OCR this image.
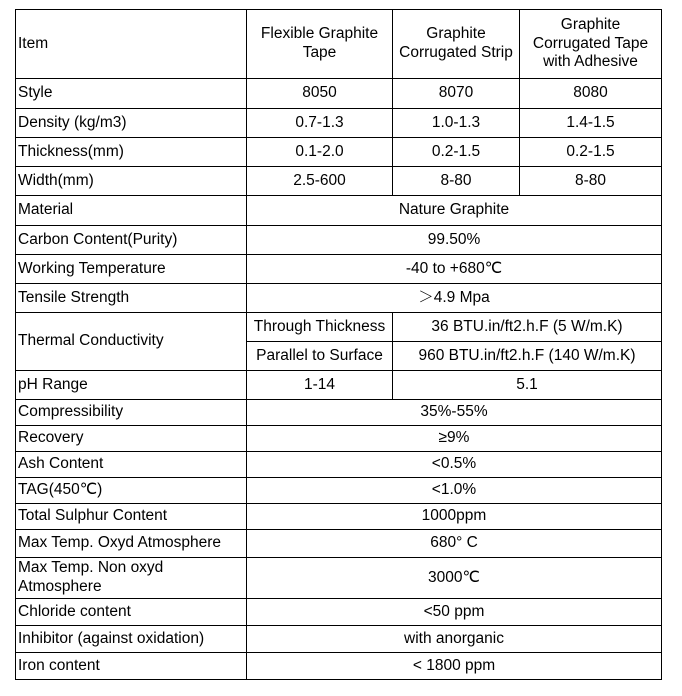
Item	Flexible Graphite Tape	Graphite Corrugated Strip	Graphite Corrugated Tape with Adhesive
Style	8050	8070	8080
Density (kg/m3)	0.7-1.3	1.0-1.3	1.4-1.5
Thickness(mm)	0.1-2.0	0.2-1.5	0.2-1.5
Width(mm)	2.5-600	8-80	8-80
Material	Nature Graphite		
Carbon Content(Purity)	99.50%		
Working Temperature	-40 to +680℃		
Tensile Strength	＞4.9 Mpa		
Thermal Conductivity	Through Thickness	36 BTU.in/ft2.h.F (5 W/m.K)	
	Parallel to Surface	960 BTU.in/ft2.h.F (140 W/m.K)	
pH Range	1-14	5.1	
Compressibility	35%-55%		
Recovery	≥9%		
Ash Content	<0.5%		
TAG(450℃)	<1.0%		
Total Sulphur Content	1000ppm		
Max Temp. Oxyd Atmosphere	680° C		
Max Temp. Non oxyd Atmosphere	3000℃		
Chloride content	<50 ppm		
Inhibitor (against oxidation)	with anorganic		
Iron content	< 1800 ppm		
